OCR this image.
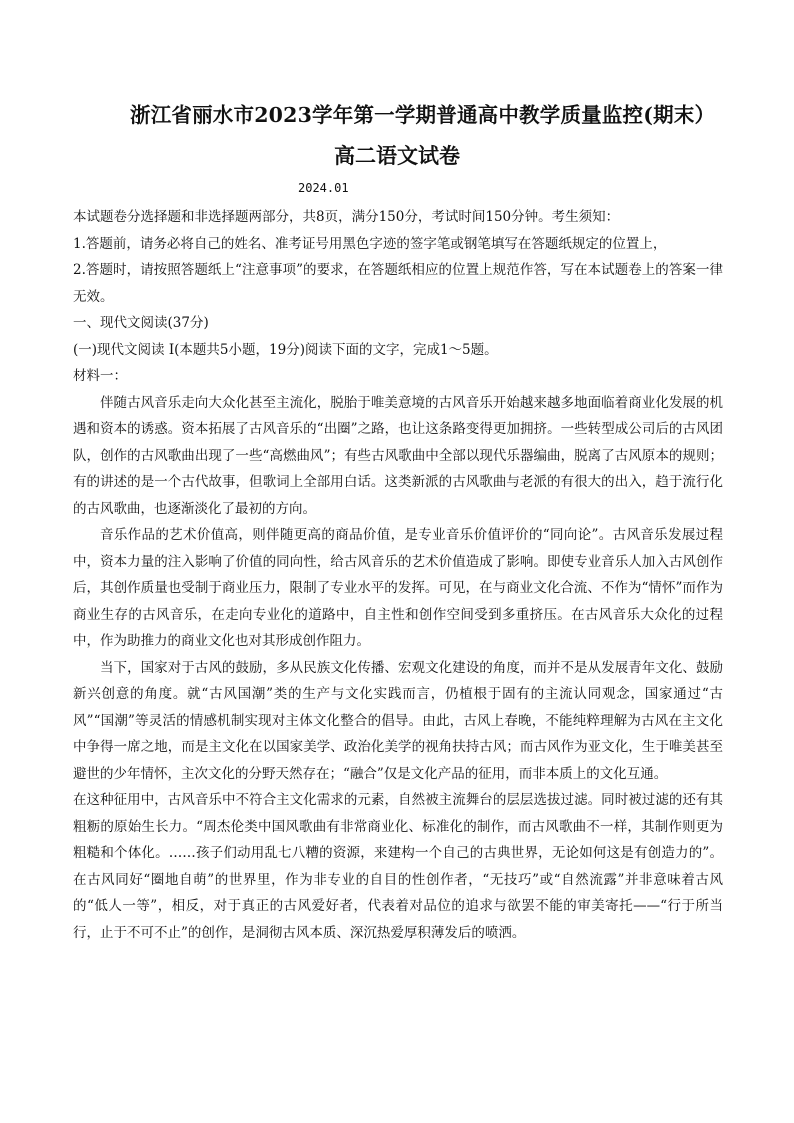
浙江省丽水市2023学年第一学期普通高中教学质量监控(期末）
高二语文试卷
2024.01

本试题卷分选择题和非选择题两部分，共8页，满分150分，考试时间150分钟。考生须知：

1.答题前，请务必将自己的姓名、准考证号用黑色字迹的签字笔或钢笔填写在答题纸规定的位置上，

2.答题时，请按照答题纸上“注意事项”的要求，在答题纸相应的位置上规范作答，写在本试题卷上的答案一律无效。

一、现代文阅读(37分)

(一)现代文阅读 I(本题共5小题，19分)阅读下面的文字，完成1～5题。

材料一：

伴随古风音乐走向大众化甚至主流化，脱胎于唯美意境的古风音乐开始越来越多地面临着商业化发展的机遇和资本的诱惑。资本拓展了古风音乐的“出圈”之路，也让这条路变得更加拥挤。一些转型成公司后的古风团队，创作的古风歌曲出现了一些“高燃曲风”；有些古风歌曲中全部以现代乐器编曲，脱离了古风原本的规则；有的讲述的是一个古代故事，但歌词上全部用白话。这类新派的古风歌曲与老派的有很大的出入，趋于流行化的古风歌曲，也逐渐淡化了最初的方向。

音乐作品的艺术价值高，则伴随更高的商品价值，是专业音乐价值评价的“同向论”。古风音乐发展过程中，资本力量的注入影响了价值的同向性，给古风音乐的艺术价值造成了影响。即使专业音乐人加入古风创作后，其创作质量也受制于商业压力，限制了专业水平的发挥。可见，在与商业文化合流、不作为“情怀”而作为商业生存的古风音乐，在走向专业化的道路中，自主性和创作空间受到多重挤压。在古风音乐大众化的过程中，作为助推力的商业文化也对其形成创作阻力。

当下，国家对于古风的鼓励，多从民族文化传播、宏观文化建设的角度，而并不是从发展青年文化、鼓励新兴创意的角度。就“古风国潮”类的生产与文化实践而言，仍植根于固有的主流认同观念，国家通过“古风”“国潮”等灵活的情感机制实现对主体文化整合的倡导。由此，古风上春晚，不能纯粹理解为古风在主文化中争得一席之地，而是主文化在以国家美学、政治化美学的视角扶持古风；而古风作为亚文化，生于唯美甚至避世的少年情怀，主次文化的分野天然存在；“融合”仅是文化产品的征用，而非本质上的文化互通。

在这种征用中，古风音乐中不符合主文化需求的元素，自然被主流舞台的层层选拔过滤。同时被过滤的还有其粗粝的原始生长力。“周杰伦类中国风歌曲有非常商业化、标准化的制作，而古风歌曲不一样，其制作则更为粗糙和个体化。……孩子们动用乱七八糟的资源，来建构一个自己的古典世界，无论如何这是有创造力的”。在古风同好“圈地自萌”的世界里，作为非专业的自目的性创作者，“无技巧”或“自然流露”并非意味着古风的“低人一等”，相反，对于真正的古风爱好者，代表着对品位的追求与欲罢不能的审美寄托——“行于所当行，止于不可不止”的创作，是洞彻古风本质、深沉热爱厚积薄发后的喷洒。
